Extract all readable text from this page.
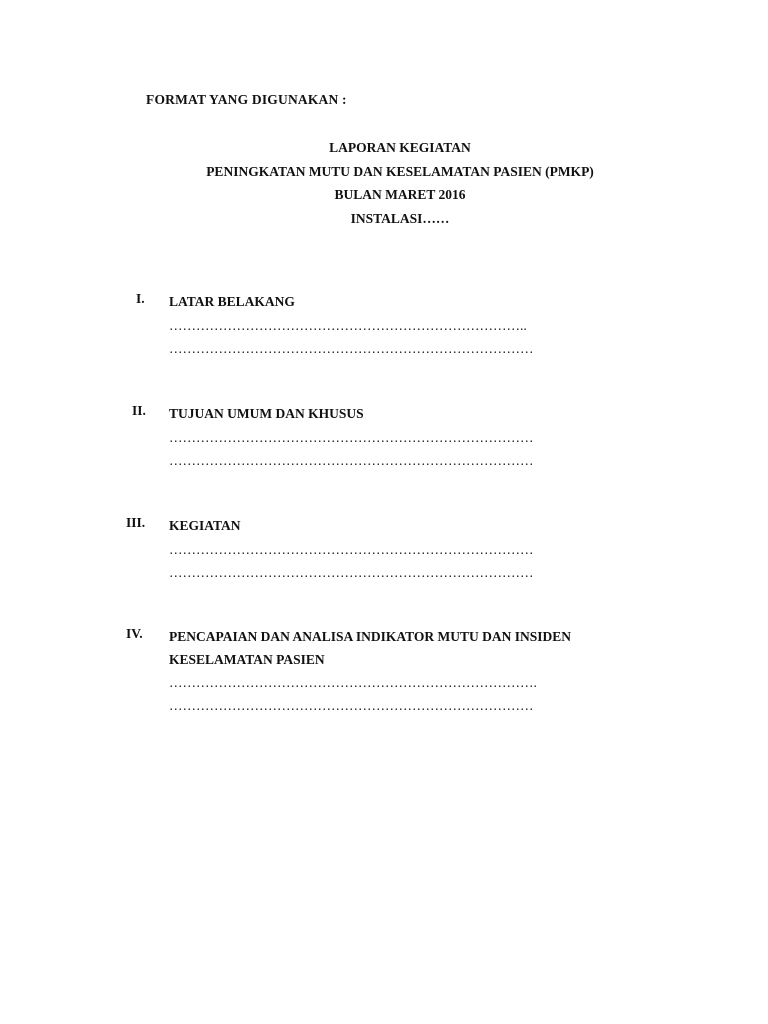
FORMAT YANG DIGUNAKAN :
LAPORAN KEGIATAN
PENINGKATAN MUTU DAN KESELAMATAN PASIEN (PMKP)
BULAN MARET 2016
INSTALASI……
I.	LATAR BELAKANG
……………………………………………………………………..
………………………………………………………………………
II.	TUJUAN UMUM DAN KHUSUS
………………………………………………………………………
………………………………………………………………………
III.	KEGIATAN
………………………………………………………………………
………………………………………………………………………
IV.	PENCAPAIAN DAN ANALISA INDIKATOR MUTU DAN INSIDEN
KESELAMATAN PASIEN
……………………………………………………………………….
………………………………………………………………………
